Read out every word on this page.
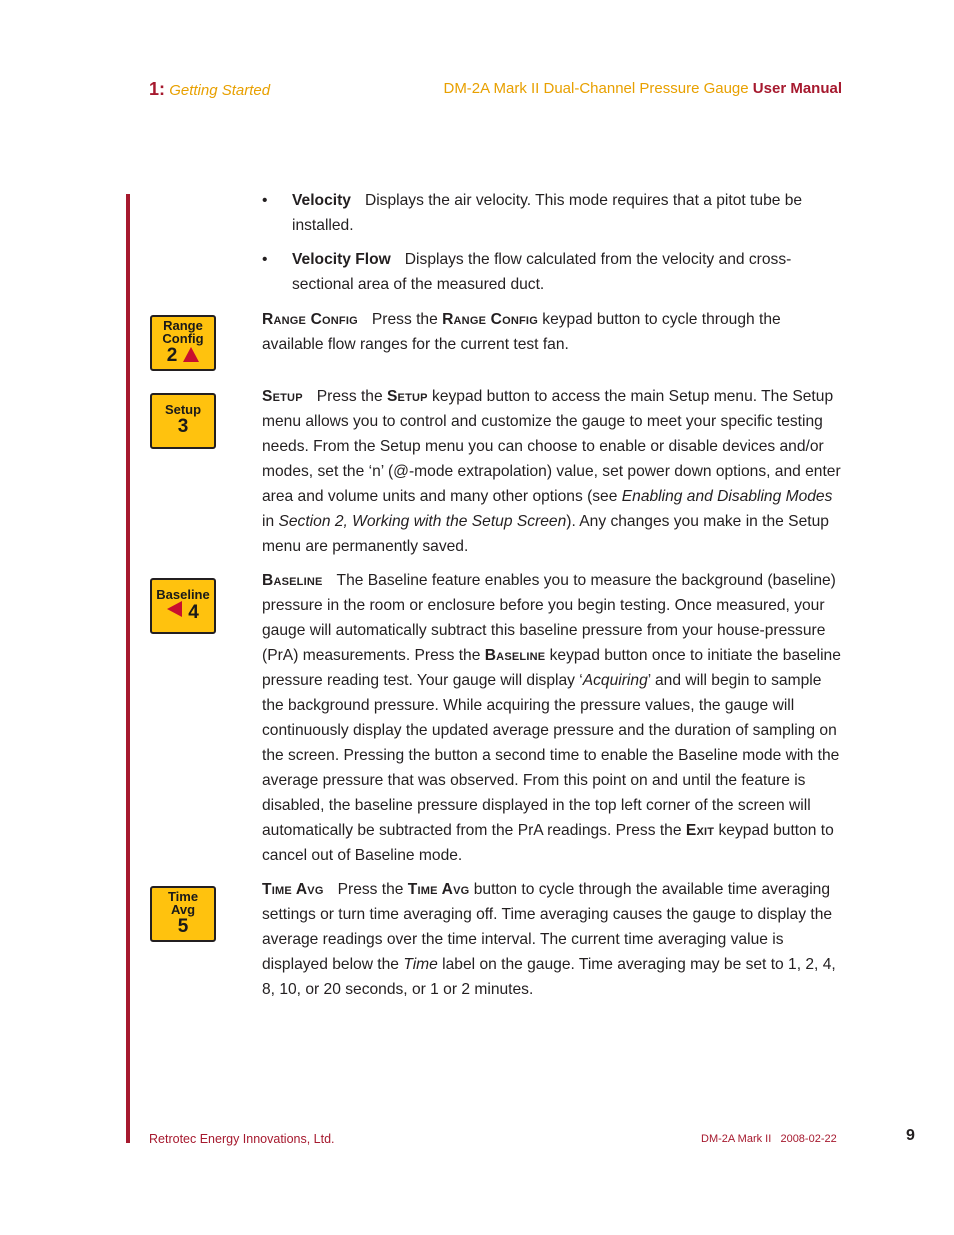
1: Getting Started	DM-2A Mark II Dual-Channel Pressure Gauge User Manual
• Velocity Displays the air velocity. This mode requires that a pitot tube be installed.
• Velocity Flow Displays the flow calculated from the velocity and cross-sectional area of the measured duct.
Range
Config
2
Range Config Press the Range Config keypad button to cycle through the available flow ranges for the current test fan.
Setup
3
Setup Press the Setup keypad button to access the main Setup menu. The Setup menu allows you to control and customize the gauge to meet your specific testing needs. From the Setup menu you can choose to enable or disable devices and/or modes, set the ‘n’ (@-mode extrapolation) value, set power down options, and enter area and volume units and many other options (see Enabling and Disabling Modes in Section 2, Working with the Setup Screen). Any changes you make in the Setup menu are permanently saved.
Baseline
4
Baseline The Baseline feature enables you to measure the background (baseline) pressure in the room or enclosure before you begin testing. Once measured, your gauge will automatically subtract this baseline pressure from your house-pressure (PrA) measurements. Press the Baseline keypad button once to initiate the baseline pressure reading test. Your gauge will display ‘Acquiring’ and will begin to sample the background pressure. While acquiring the pressure values, the gauge will continuously display the updated average pressure and the duration of sampling on the screen. Pressing the button a second time to enable the Baseline mode with the average pressure that was observed. From this point on and until the feature is disabled, the baseline pressure displayed in the top left corner of the screen will automatically be subtracted from the PrA readings. Press the Exit keypad button to cancel out of Baseline mode.
Time
Avg
5
Time Avg Press the Time Avg button to cycle through the available time averaging settings or turn time averaging off. Time averaging causes the gauge to display the average readings over the time interval. The current time averaging value is displayed below the Time label on the gauge. Time averaging may be set to 1, 2, 4, 8, 10, or 20 seconds, or 1 or 2 minutes.
Retrotec Energy Innovations, Ltd.	DM-2A Mark II   2008-02-22	9
